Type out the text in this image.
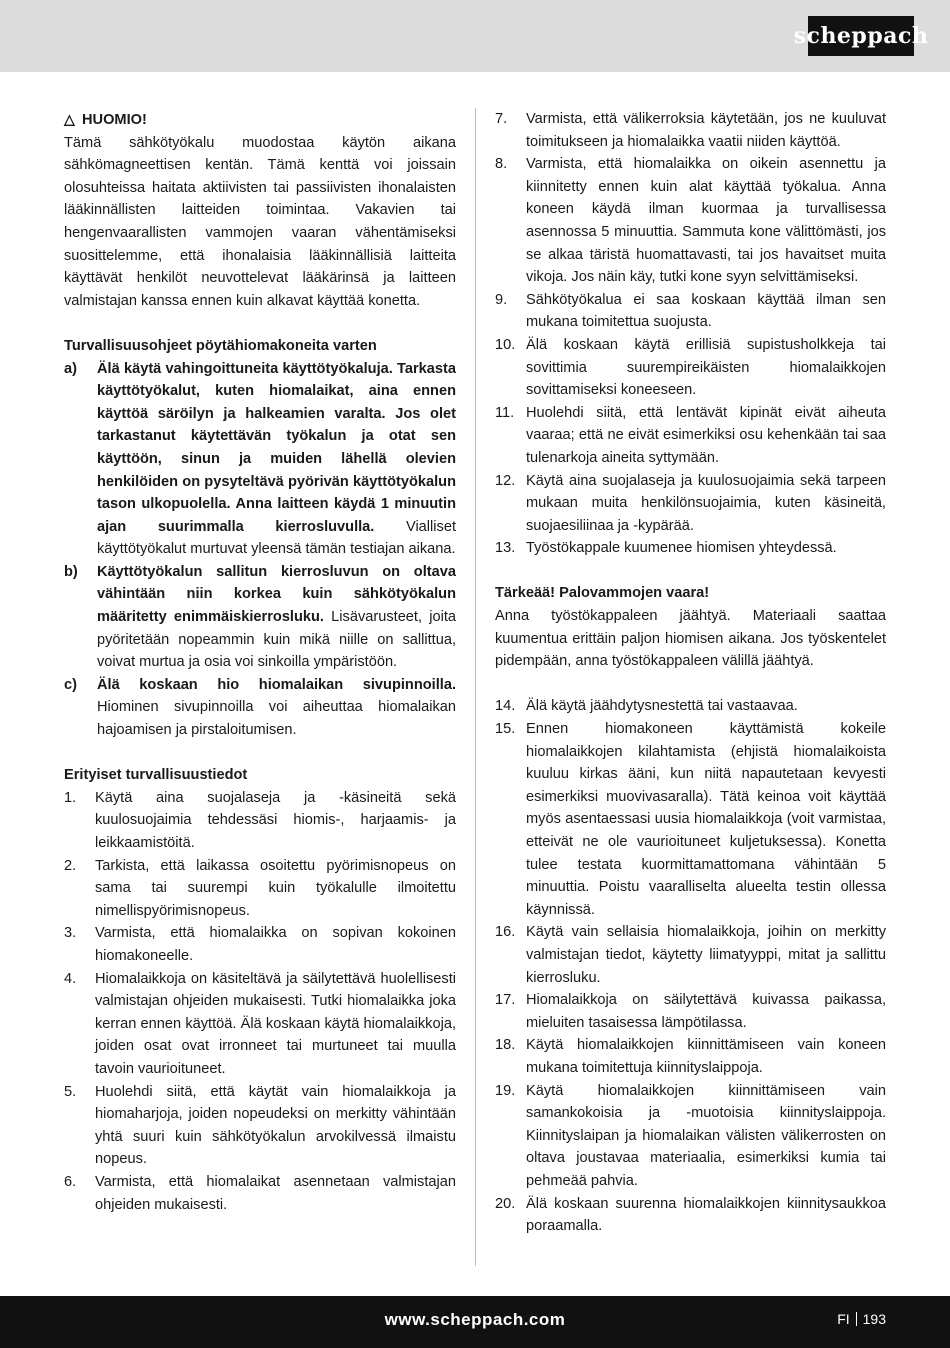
scheppach

△ HUOMIO!

Tämä sähkötyökalu muodostaa käytön aikana sähkömagneettisen kentän. Tämä kenttä voi joissain olosuhteissa haitata aktiivisten tai passiivisten ihonalaisten lääkinnällisten laitteiden toimintaa. Vakavien tai hengenvaarallisten vammojen vaaran vähentämiseksi suosittelemme, että ihonalaisia lääkinnällisiä laitteita käyttävät henkilöt neuvottelevat lääkärinsä ja laitteen valmistajan kanssa ennen kuin alkavat käyttää konetta.

Turvallisuusohjeet pöytähiomakoneita varten

a)	Älä käytä vahingoittuneita käyttötyökaluja. Tarkasta käyttötyökalut, kuten hiomalaikat, aina ennen käyttöä säröilyn ja halkeamien varalta. Jos olet tarkastanut käytettävän työkalun ja otat sen käyttöön, sinun ja muiden lähellä olevien henkilöiden on pysyteltävä pyörivän käyttötyökalun tason ulkopuolella. Anna laitteen käydä 1 minuutin ajan suurimmalla kierrosluvulla. Vialliset käyttötyökalut murtuvat yleensä tämän testiajan aikana.
b)	Käyttötyökalun sallitun kierrosluvun on oltava vähintään niin korkea kuin sähkötyökalun määritetty enimmäiskierrosluku. Lisävarusteet, joita pyöritetään nopeammin kuin mikä niille on sallittua, voivat murtua ja osia voi sinkoilla ympäristöön.
c)	Älä koskaan hio hiomalaikan sivupinnoilla. Hiominen sivupinnoilla voi aiheuttaa hiomalaikan hajoamisen ja pirstaloitumisen.

Erityiset turvallisuustiedot

1.	Käytä aina suojalaseja ja -käsineitä sekä kuulosuojaimia tehdessäsi hiomis-, harjaamis- ja leikkaamistöitä.
2.	Tarkista, että laikassa osoitettu pyörimisnopeus on sama tai suurempi kuin työkalulle ilmoitettu nimellispyörimisnopeus.
3.	Varmista, että hiomalaikka on sopivan kokoinen hiomakoneelle.
4.	Hiomalaikkoja on käsiteltävä ja säilytettävä huolellisesti valmistajan ohjeiden mukaisesti. Tutki hiomalaikka joka kerran ennen käyttöä. Älä koskaan käytä hiomalaikkoja, joiden osat ovat irronneet tai murtuneet tai muulla tavoin vaurioituneet.
5.	Huolehdi siitä, että käytät vain hiomalaikkoja ja hiomaharjoja, joiden nopeudeksi on merkitty vähintään yhtä suuri kuin sähkötyökalun arvokilvessä ilmaistu nopeus.
6.	Varmista, että hiomalaikat asennetaan valmistajan ohjeiden mukaisesti.
7.	Varmista, että välikerroksia käytetään, jos ne kuuluvat toimitukseen ja hiomalaikka vaatii niiden käyttöä.
8.	Varmista, että hiomalaikka on oikein asennettu ja kiinnitetty ennen kuin alat käyttää työkalua. Anna koneen käydä ilman kuormaa ja turvallisessa asennossa 5 minuuttia. Sammuta kone välittömästi, jos se alkaa täristä huomattavasti, tai jos havaitset muita vikoja. Jos näin käy, tutki kone syyn selvittämiseksi.
9.	Sähkötyökalua ei saa koskaan käyttää ilman sen mukana toimitettua suojusta.
10. Älä koskaan käytä erillisiä supistusholkkeja tai sovittimia suurempireikäisten hiomalaikkojen sovittamiseksi koneeseen.
11. Huolehdi siitä, että lentävät kipinät eivät aiheuta vaaraa; että ne eivät esimerkiksi osu kehenkään tai saa tulenarkoja aineita syttymään.
12. Käytä aina suojalaseja ja kuulosuojaimia sekä tarpeen mukaan muita henkilönsuojaimia, kuten käsineitä, suojaesiliinaa ja -kypärää.
13. Työstökappale kuumenee hiomisen yhteydessä.

Tärkeää! Palovammojen vaara!

Anna työstökappaleen jäähtyä. Materiaali saattaa kuumentua erittäin paljon hiomisen aikana. Jos työskentelet pidempään, anna työstökappaleen välillä jäähtyä.

14. Älä käytä jäähdytysnestettä tai vastaavaa.
15. Ennen hiomakoneen käyttämistä kokeile hiomalaikkojen kilahtamista (ehjistä hiomalaikoista kuuluu kirkas ääni, kun niitä napautetaan kevyesti esimerkiksi muovivasaralla). Tätä keinoa voit käyttää myös asentaessasi uusia hiomalaikkoja (voit varmistaa, etteivät ne ole vaurioituneet kuljetuksessa). Konetta tulee testata kuormittamattomana vähintään 5 minuuttia. Poistu vaaralliselta alueelta testin ollessa käynnissä.
16. Käytä vain sellaisia hiomalaikkoja, joihin on merkitty valmistajan tiedot, käytetty liimatyyppi, mitat ja sallittu kierrosluku.
17. Hiomalaikkoja on säilytettävä kuivassa paikassa, mieluiten tasaisessa lämpötilassa.
18. Käytä hiomalaikkojen kiinnittämiseen vain koneen mukana toimitettuja kiinnityslaippoja.
19. Käytä hiomalaikkojen kiinnittämiseen vain samankokoisia ja -muotoisia kiinnityslaippoja. Kiinnityslaipan ja hiomalaikan välisten välikerrosten on oltava joustavaa materiaalia, esimerkiksi kumia tai pehmeää pahvia.
20. Älä koskaan suurenna hiomalaikkojen kiinnitysaukkoa poraamalla.
www.scheppach.com	FI 193
